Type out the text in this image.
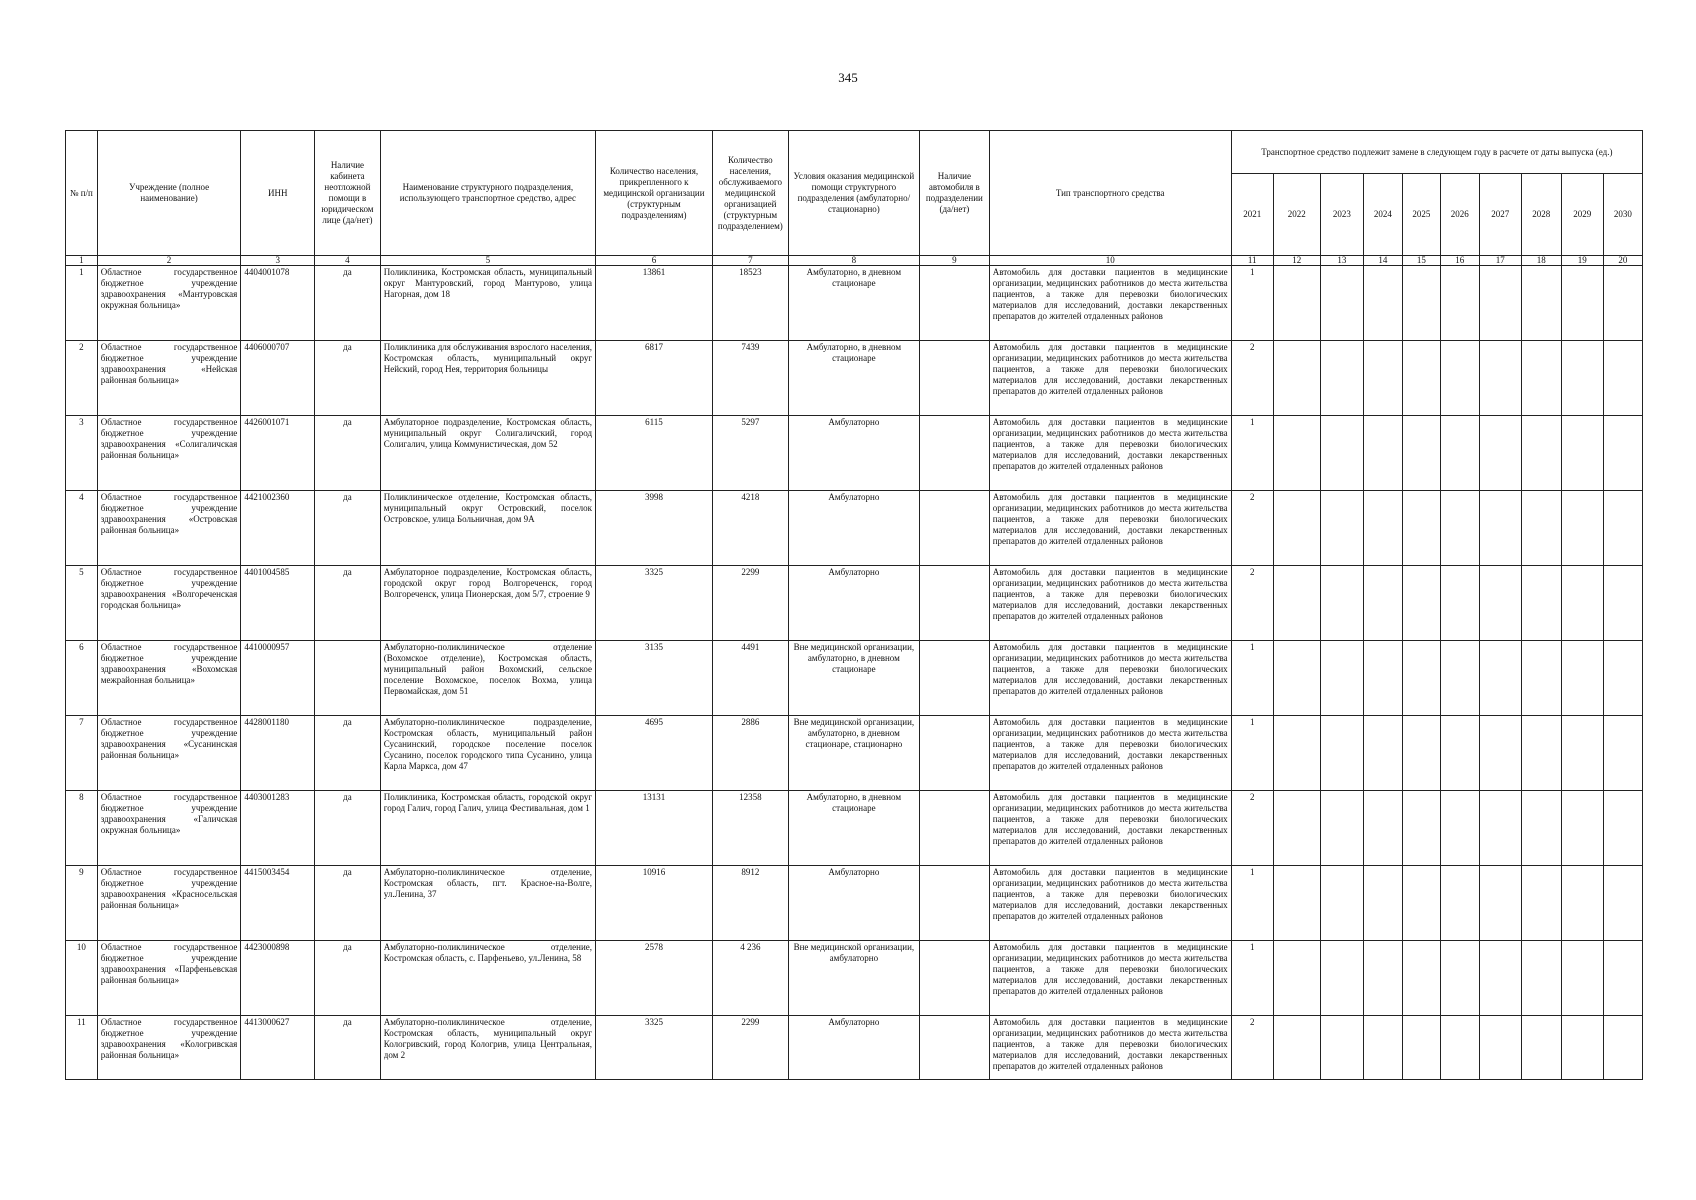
345
№ п/п	Учреждение (полное наименование)	ИНН	Наличие кабинета неотложной помощи в юридическом лице (да/нет)	Наименование структурного подразделения, использующего транспортное средство, адрес	Количество населения, прикрепленного к медицинской организации (структурным подразделениям)	Количество населения, обслуживаемого медицинской организацией (структурным подразделением)	Условия оказания медицинской помощи структурного подразделения (амбулаторно/стационарно)	Наличие автомобиля в подразделении (да/нет)	Тип транспортного средства	Транспортное средство подлежит замене в следующем году в расчете от даты выпуска (ед.)									
										2021	2022	2023	2024	2025	2026	2027	2028	2029	2030
1	2	3	4	5	6	7	8	9	10	11	12	13	14	15	16	17	18	19	20

1	Областное государственное бюджетное учреждение здравоохранения «Мантуровская окружная больница»	4404001078	да	Поликлиника, Костромская область, муниципальный округ Мантуровский, город Мантурово, улица Нагорная, дом 18	13861	18523	Амбулаторно, в дневном стационаре		Автомобиль для доставки пациентов в медицинские организации, медицинских работников до места жительства пациентов, а также для перевозки биологических материалов для исследований, доставки лекарственных препаратов до жителей отдаленных районов	1									

2	Областное государственное бюджетное учреждение здравоохранения «Нейская районная больница»	4406000707	да	Поликлиника для обслуживания взрослого населения, Костромская область, муниципальный округ Нейский, город Нея, территория больницы	6817	7439	Амбулаторно, в дневном стационаре		Автомобиль для доставки пациентов в медицинские организации, медицинских работников до места жительства пациентов, а также для перевозки биологических материалов для исследований, доставки лекарственных препаратов до жителей отдаленных районов	2									

3	Областное государственное бюджетное учреждение здравоохранения «Солигаличская районная больница»	4426001071	да	Амбулаторное подразделение, Костромская область, муниципальный округ Солигаличский, город Солигалич, улица Коммунистическая, дом 52	6115	5297	Амбулаторно		Автомобиль для доставки пациентов в медицинские организации, медицинских работников до места жительства пациентов, а также для перевозки биологических материалов для исследований, доставки лекарственных препаратов до жителей отдаленных районов	1									

4	Областное государственное бюджетное учреждение здравоохранения «Островская районная больница»	4421002360	да	Поликлиническое отделение, Костромская область, муниципальный округ Островский, поселок Островское, улица Больничная, дом 9А	3998	4218	Амбулаторно		Автомобиль для доставки пациентов в медицинские организации, медицинских работников до места жительства пациентов, а также для перевозки биологических материалов для исследований, доставки лекарственных препаратов до жителей отдаленных районов	2									

5	Областное государственное бюджетное учреждение здравоохранения «Волгореченская городская больница»	4401004585	да	Амбулаторное подразделение, Костромская область, городской округ город Волгореченск, город Волгореченск, улица Пионерская, дом 5/7, строение 9	3325	2299	Амбулаторно		Автомобиль для доставки пациентов в медицинские организации, медицинских работников до места жительства пациентов, а также для перевозки биологических материалов для исследований, доставки лекарственных препаратов до жителей отдаленных районов	2									

6	Областное государственное бюджетное учреждение здравоохранения «Вохомская межрайонная больница»	4410000957		Амбулаторно-поликлиническое отделение (Вохомское отделение), Костромская область, муниципальный район Вохомский, сельское поселение Вохомское, поселок Вохма, улица Первомайская, дом 51	3135	4491	Вне медицинской организации, амбулаторно, в дневном стационаре		Автомобиль для доставки пациентов в медицинские организации, медицинских работников до места жительства пациентов, а также для перевозки биологических материалов для исследований, доставки лекарственных препаратов до жителей отдаленных районов	1									

7	Областное государственное бюджетное учреждение здравоохранения «Сусанинская районная больница»	4428001180	да	Амбулаторно-поликлиническое подразделение, Костромская область, муниципальный район Сусанинский, городское поселение поселок Сусанино, поселок городского типа Сусанино, улица Карла Маркса, дом 47	4695	2886	Вне медицинской организации, амбулаторно, в дневном стационаре, стационарно		Автомобиль для доставки пациентов в медицинские организации, медицинских работников до места жительства пациентов, а также для перевозки биологических материалов для исследований, доставки лекарственных препаратов до жителей отдаленных районов	1									

8	Областное государственное бюджетное учреждение здравоохранения «Галичская окружная больница»	4403001283	да	Поликлиника, Костромская область, городской округ город Галич, город Галич, улица Фестивальная, дом 1	13131	12358	Амбулаторно, в дневном стационаре		Автомобиль для доставки пациентов в медицинские организации, медицинских работников до места жительства пациентов, а также для перевозки биологических материалов для исследований, доставки лекарственных препаратов до жителей отдаленных районов	2									

9	Областное государственное бюджетное учреждение здравоохранения «Красносельская районная больница»	4415003454	да	Амбулаторно-поликлиническое отделение, Костромская область, пгт. Красное-на-Волге, ул.Ленина, 37	10916	8912	Амбулаторно		Автомобиль для доставки пациентов в медицинские организации, медицинских работников до места жительства пациентов, а также для перевозки биологических материалов для исследований, доставки лекарственных препаратов до жителей отдаленных районов	1									

10	Областное государственное бюджетное учреждение здравоохранения «Парфеньевская районная больница»	4423000898	да	Амбулаторно-поликлиническое отделение, Костромская область, с. Парфеньево, ул.Ленина, 58	2578	4 236	Вне медицинской организации, амбулаторно		Автомобиль для доставки пациентов в медицинские организации, медицинских работников до места жительства пациентов, а также для перевозки биологических материалов для исследований, доставки лекарственных препаратов до жителей отдаленных районов	1									

11	Областное государственное бюджетное учреждение здравоохранения «Кологривская районная больница»	4413000627	да	Амбулаторно-поликлиническое отделение, Костромская область, муниципальный округ Кологривский, город Кологрив, улица Центральная, дом 2	3325	2299	Амбулаторно		Автомобиль для доставки пациентов в медицинские организации, медицинских работников до места жительства пациентов, а также для перевозки биологических материалов для исследований, доставки лекарственных препаратов до жителей отдаленных районов	2									
